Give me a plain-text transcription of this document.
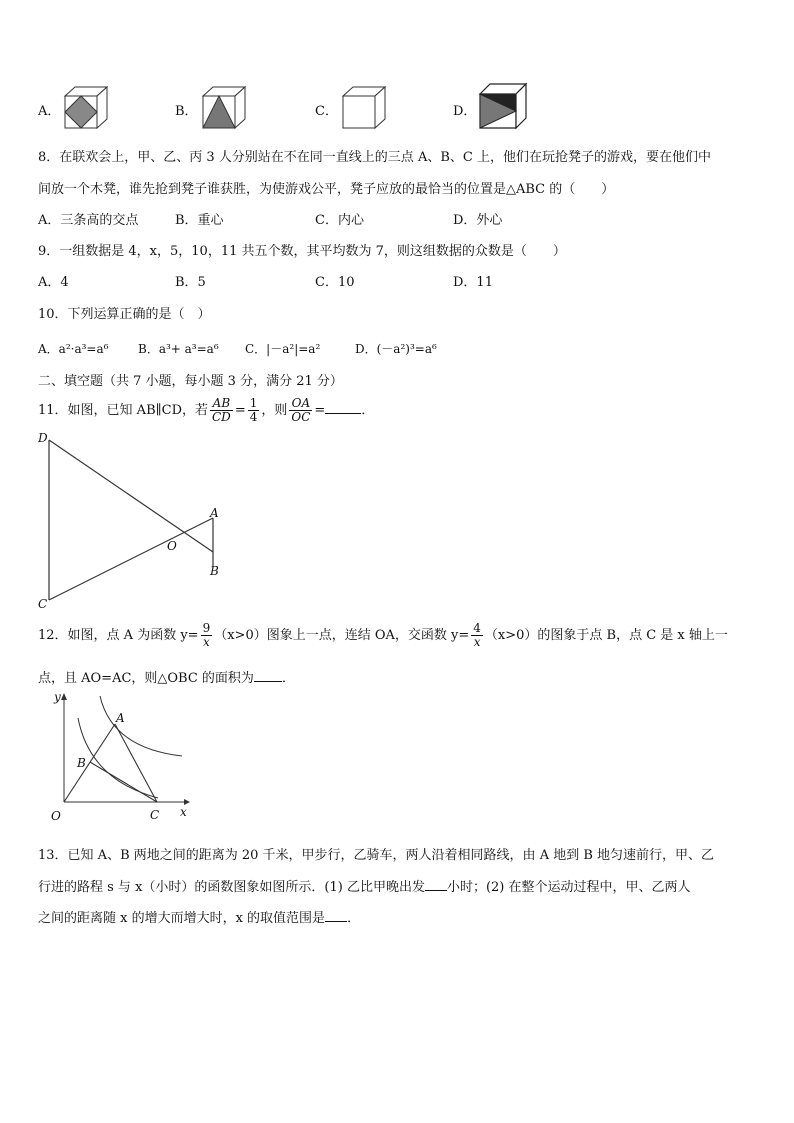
A．	B．	C．	D．
8．在联欢会上，甲、乙、丙 3 人分别站在不在同一直线上的三点 A、B、C 上，他们在玩抢凳子的游戏，要在他们中
间放一个木凳，谁先抢到凳子谁获胜，为使游戏公平，凳子应放的最恰当的位置是△ABC 的（　　）
A．三条高的交点	B．重心	C．内心	D．外心
9．一组数据是 4，x，5，10，11 共五个数，其平均数为 7，则这组数据的众数是（　　）
A．4	B．5	C．10	D．11
10．下列运算正确的是（　）
A．a²·a³=a⁶ B．a³+ a³=a⁶ C．|－a²|=a²	D．(－a²)³=a⁶
二、填空题（共 7 小题，每小题 3 分，满分 21 分）
11．如图，已知 AB∥CD，若 $\frac{AB}{CD} = \frac{1}{4}$ ，则 $\frac{OA}{OC}$ =	．
D
C
A
B
O
12．如图，点 A 为函数 $y= \frac{9}{x} (x>0)$图象上一点，连结 OA，交函数 $y= \frac{4}{x} (x>0)$的图象于点 B，点 C 是 x 轴上一
点，且 AO=AC，则△OBC 的面积为 ．
y
x
O
A
B
C
13．已知 A、B 两地之间的距离为 20 千米，甲步行，乙骑车，两人沿着相同路线，由 A 地到 B 地匀速前行，甲、乙
行进的路程 s 与 x（小时）的函数图象如图所示．(1) 乙比甲晚出发 小时；(2) 在整个运动过程中，甲、乙两人
之间的距离随 x 的增大而增大时，x 的取值范围是 ．
